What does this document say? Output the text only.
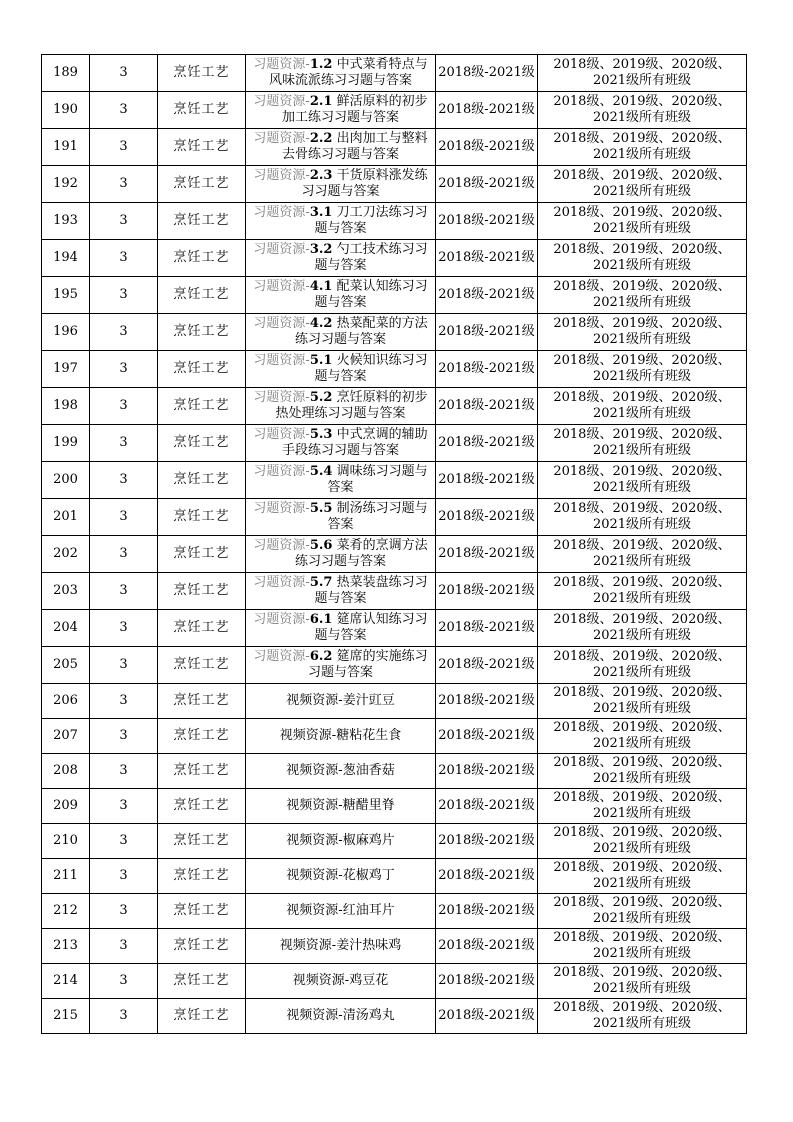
189	3	烹饪工艺	习题资源-1.2 中式菜肴特点与风味流派练习习题与答案	2018级-2021级	2018级、2019级、2020级、
2021级所有班级

190	3	烹饪工艺	习题资源-2.1 鲜活原料的初步加工练习习题与答案	2018级-2021级	2018级、2019级、2020级、
2021级所有班级

191	3	烹饪工艺	习题资源-2.2 出肉加工与整料去骨练习习题与答案	2018级-2021级	2018级、2019级、2020级、
2021级所有班级

192	3	烹饪工艺	习题资源-2.3 干货原料涨发练习习题与答案	2018级-2021级	2018级、2019级、2020级、
2021级所有班级

193	3	烹饪工艺	习题资源-3.1 刀工刀法练习习题与答案	2018级-2021级	2018级、2019级、2020级、
2021级所有班级

194	3	烹饪工艺	习题资源-3.2 勺工技术练习习题与答案	2018级-2021级	2018级、2019级、2020级、
2021级所有班级

195	3	烹饪工艺	习题资源-4.1 配菜认知练习习题与答案	2018级-2021级	2018级、2019级、2020级、
2021级所有班级

196	3	烹饪工艺	习题资源-4.2 热菜配菜的方法练习习题与答案	2018级-2021级	2018级、2019级、2020级、
2021级所有班级

197	3	烹饪工艺	习题资源-5.1 火候知识练习习题与答案	2018级-2021级	2018级、2019级、2020级、
2021级所有班级

198	3	烹饪工艺	习题资源-5.2 烹饪原料的初步热处理练习习题与答案	2018级-2021级	2018级、2019级、2020级、
2021级所有班级

199	3	烹饪工艺	习题资源-5.3 中式烹调的辅助手段练习习题与答案	2018级-2021级	2018级、2019级、2020级、
2021级所有班级

200	3	烹饪工艺	习题资源-5.4 调味练习习题与答案	2018级-2021级	2018级、2019级、2020级、
2021级所有班级

201	3	烹饪工艺	习题资源-5.5 制汤练习习题与答案	2018级-2021级	2018级、2019级、2020级、
2021级所有班级

202	3	烹饪工艺	习题资源-5.6 菜肴的烹调方法练习习题与答案	2018级-2021级	2018级、2019级、2020级、
2021级所有班级

203	3	烹饪工艺	习题资源-5.7 热菜装盘练习习题与答案	2018级-2021级	2018级、2019级、2020级、
2021级所有班级

204	3	烹饪工艺	习题资源-6.1 筵席认知练习习题与答案	2018级-2021级	2018级、2019级、2020级、
2021级所有班级

205	3	烹饪工艺	习题资源-6.2 筵席的实施练习习题与答案	2018级-2021级	2018级、2019级、2020级、
2021级所有班级

206	3	烹饪工艺	视频资源-姜汁豇豆	2018级-2021级	2018级、2019级、2020级、
2021级所有班级

207	3	烹饪工艺	视频资源-糖粘花生食	2018级-2021级	2018级、2019级、2020级、
2021级所有班级

208	3	烹饪工艺	视频资源-葱油香菇	2018级-2021级	2018级、2019级、2020级、
2021级所有班级

209	3	烹饪工艺	视频资源-糖醋里脊	2018级-2021级	2018级、2019级、2020级、
2021级所有班级

210	3	烹饪工艺	视频资源-椒麻鸡片	2018级-2021级	2018级、2019级、2020级、
2021级所有班级

211	3	烹饪工艺	视频资源-花椒鸡丁	2018级-2021级	2018级、2019级、2020级、
2021级所有班级

212	3	烹饪工艺	视频资源-红油耳片	2018级-2021级	2018级、2019级、2020级、
2021级所有班级

213	3	烹饪工艺	视频资源-姜汁热味鸡	2018级-2021级	2018级、2019级、2020级、
2021级所有班级

214	3	烹饪工艺	视频资源-鸡豆花	2018级-2021级	2018级、2019级、2020级、
2021级所有班级

215	3	烹饪工艺	视频资源-清汤鸡丸	2018级-2021级	2018级、2019级、2020级、
2021级所有班级
